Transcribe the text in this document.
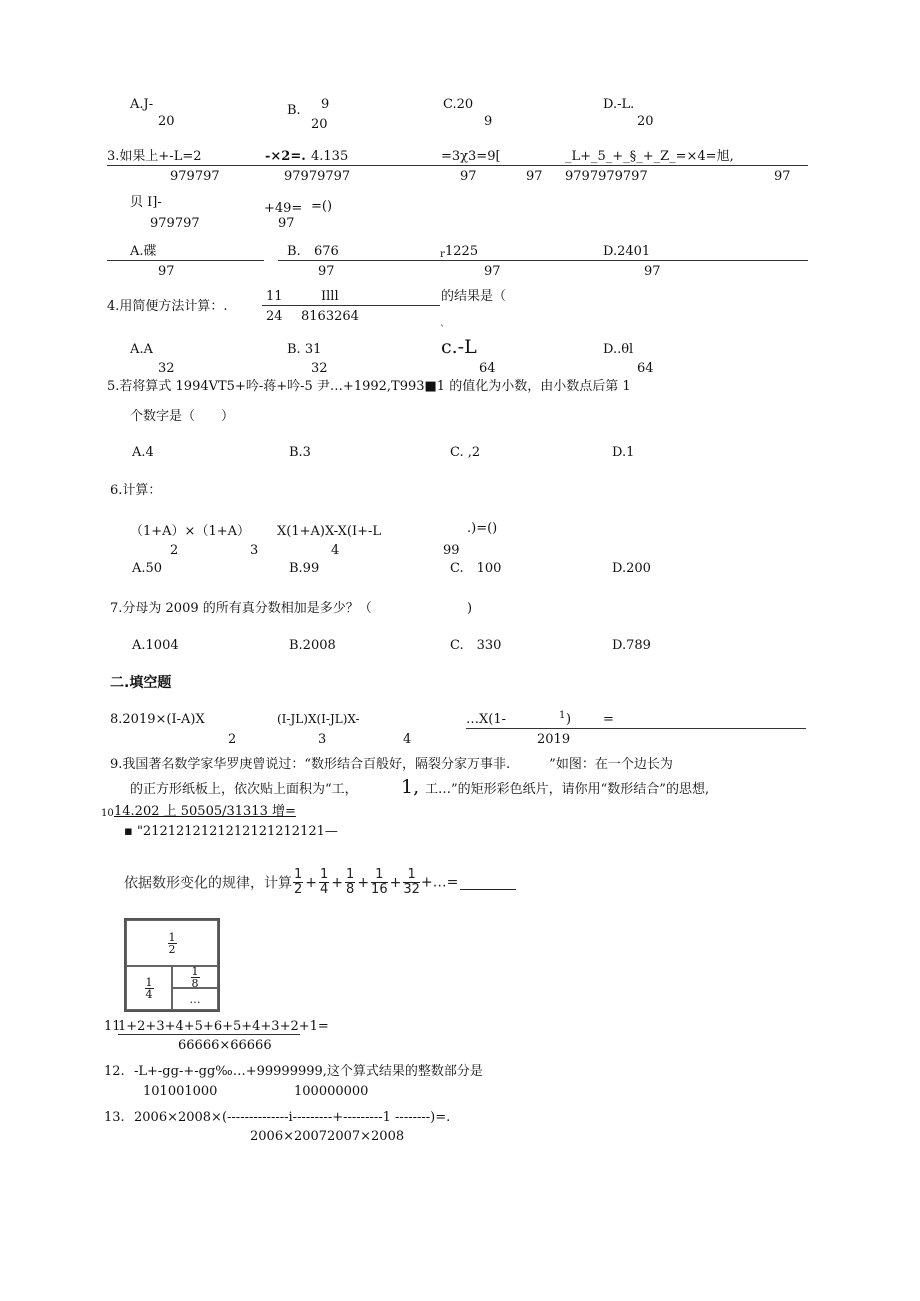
A.J-
20
B. 9
20
C.20
9
D.-L.
20
3.如果上+-L=2	-×2=. 4.135	=3χ3=9[	_L+_5_+_§_+_Z_=×4=旭,
979797	97979797	97	97 9797979797	97
贝 I]-	+49= =()
979797	97
A.碟	B. 676	r 1225	D.2401
97	97	97	97
4.用简便方法计算：.
11	Illl
24 8163264
的结果是（
`
A.A
32
B. 31
32
c.-L
64
D..θl
64
5.若将算式 1994VT5+吟-蒋+吟-5 尹…+1992,T993■1 的值化为小数，由小数点后第 1
个数字是（　　）
A.4	B.3	C. ,2	D.1
6.计算：
（1+A）×（1+A） X(1+A)X-X(I+-L	.)=()
2	3	4	99
A.50	B.99	C.　100	D.200
7.分母为 2009 的所有真分数相加是多少？（	)
A.1004	B.2008	C.　330	D.789
二.填空题
8.2019×(I-A)X	(I-JL)X(I-JL)X-	…X(1-	1 ) =
2	3	4	2019
9.我国著名数学家华罗庚曾说过：“数形结合百般好，隔裂分家万事非.　　　”如图：在一个边长为
的正方形纸板上，依次贴上面积为“工， 1, 工…”的矩形彩色纸片，请你用“数形结合”的思想,
10 14.202 上 50505/31313 增=
▪ "2121212121212121212121—
依据数形变化的规律，计算 $\frac{1}{2} + \frac{1}{4} + \frac{1}{8} + \frac{1}{16} + \frac{1}{32}$ +…=
$\frac{1}{2}$
$\frac{1}{4}$	$\frac{1}{8}$
…
11
1+2+3+4+5+6+5+4+3+2+1=
66666×66666
12. -L+-gg-+-gg‰…+99999999,这个算式结果的整数部分是
101001000	100000000
13. 2006×2008×(--------------i---------+---------1 --------)=.
2006×20072007×2008
